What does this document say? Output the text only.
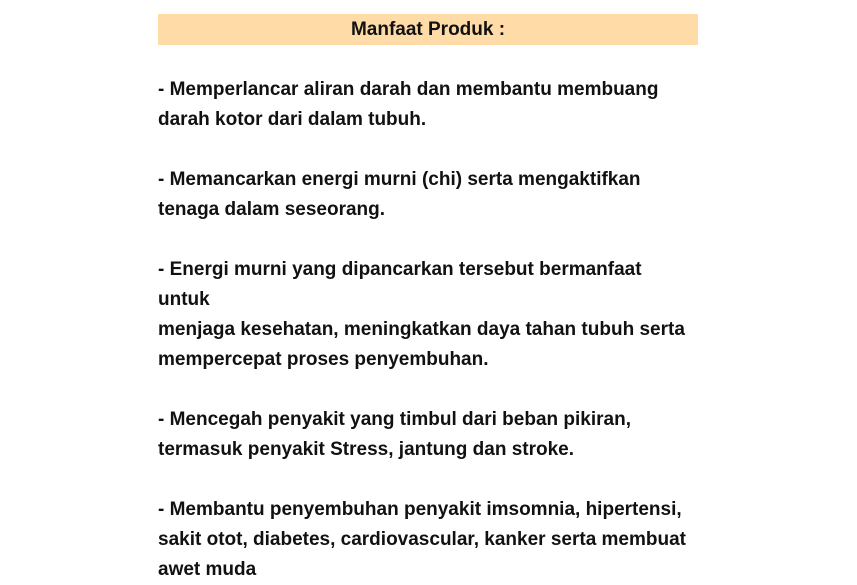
Manfaat Produk :
- Memperlancar aliran darah dan membantu membuang
darah kotor dari dalam tubuh.
- Memancarkan energi murni (chi) serta mengaktifkan
tenaga dalam seseorang.
- Energi murni yang dipancarkan tersebut bermanfaat untuk
menjaga kesehatan, meningkatkan daya tahan tubuh serta
mempercepat proses penyembuhan.
- Mencegah penyakit yang timbul dari beban pikiran,
termasuk penyakit Stress, jantung dan stroke.
- Membantu penyembuhan penyakit imsomnia, hipertensi,
sakit otot, diabetes, cardiovascular, kanker serta membuat
awet muda
